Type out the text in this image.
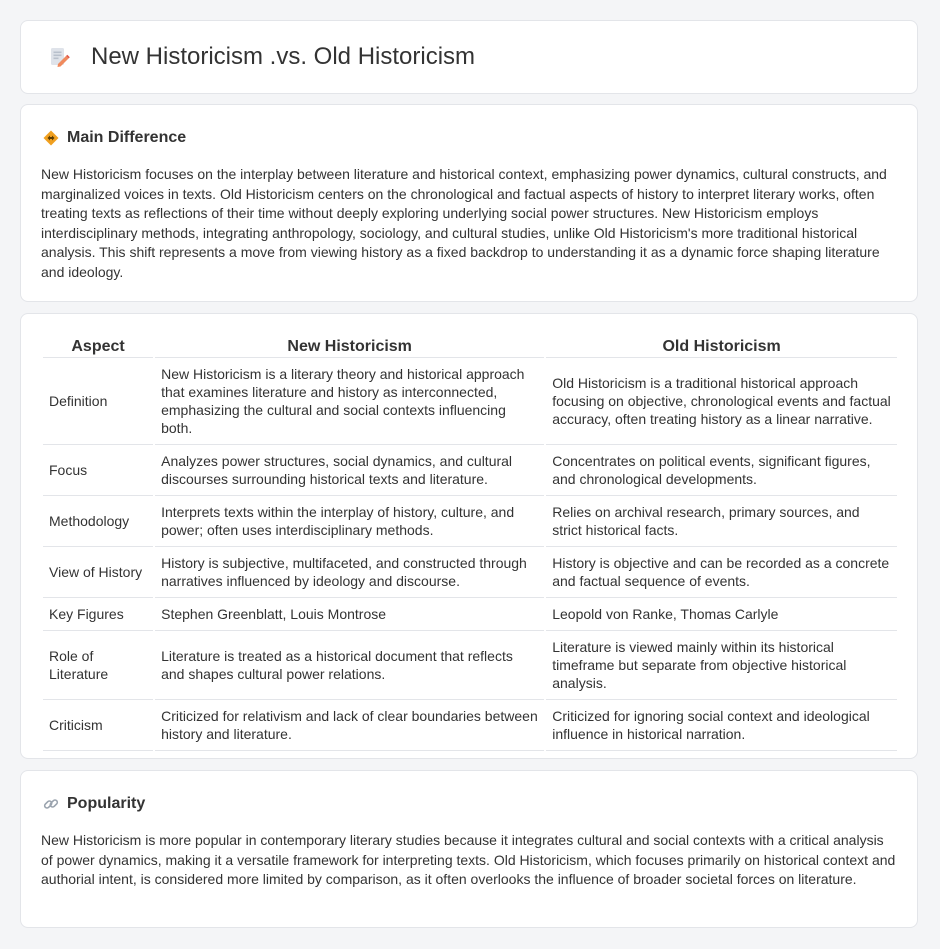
New Historicism .vs. Old Historicism
Main Difference

New Historicism focuses on the interplay between literature and historical context, emphasizing power dynamics, cultural constructs, and marginalized voices in texts. Old Historicism centers on the chronological and factual aspects of history to interpret literary works, often treating texts as reflections of their time without deeply exploring underlying social power structures. New Historicism employs interdisciplinary methods, integrating anthropology, sociology, and cultural studies, unlike Old Historicism's more traditional historical analysis. This shift represents a move from viewing history as a fixed backdrop to understanding it as a dynamic force shaping literature and ideology.

Aspect	New Historicism	Old Historicism
Definition	New Historicism is a literary theory and historical approach that examines literature and history as interconnected, emphasizing the cultural and social contexts influencing both.	Old Historicism is a traditional historical approach focusing on objective, chronological events and factual accuracy, often treating history as a linear narrative.
Focus	Analyzes power structures, social dynamics, and cultural discourses surrounding historical texts and literature.	Concentrates on political events, significant figures, and chronological developments.
Methodology	Interprets texts within the interplay of history, culture, and power; often uses interdisciplinary methods.	Relies on archival research, primary sources, and strict historical facts.
View of History	History is subjective, multifaceted, and constructed through narratives influenced by ideology and discourse.	History is objective and can be recorded as a concrete and factual sequence of events.
Key Figures	Stephen Greenblatt, Louis Montrose	Leopold von Ranke, Thomas Carlyle
Role of Literature	Literature is treated as a historical document that reflects and shapes cultural power relations.	Literature is viewed mainly within its historical timeframe but separate from objective historical analysis.
Criticism	Criticized for relativism and lack of clear boundaries between history and literature.	Criticized for ignoring social context and ideological influence in historical narration.
Popularity

New Historicism is more popular in contemporary literary studies because it integrates cultural and social contexts with a critical analysis of power dynamics, making it a versatile framework for interpreting texts. Old Historicism, which focuses primarily on historical context and authorial intent, is considered more limited by comparison, as it often overlooks the influence of broader societal forces on literature.
